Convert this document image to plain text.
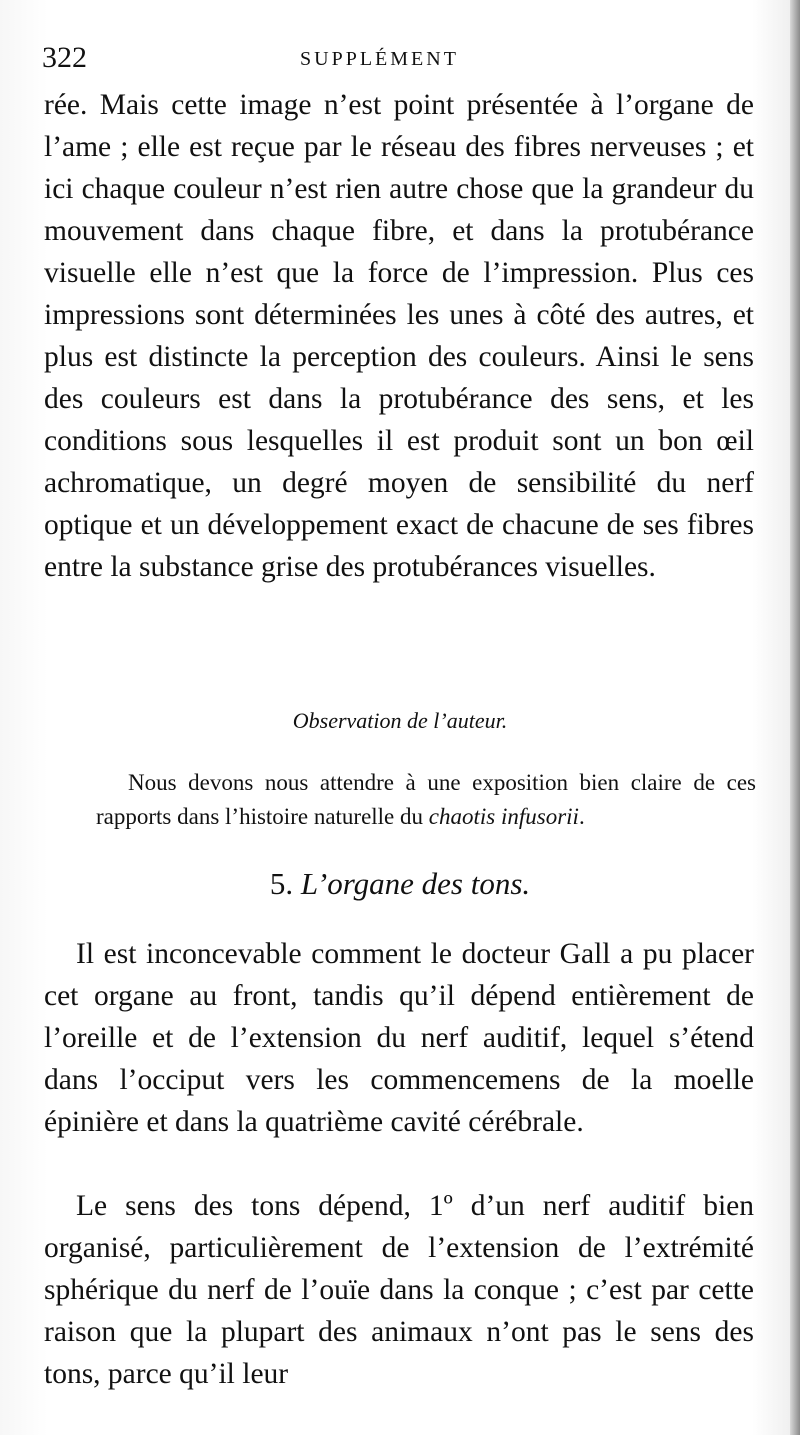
322	SUPPLÉMENT

rée. Mais cette image n’est point présentée à l’organe de l’ame ; elle est reçue par le réseau des fibres nerveuses ; et ici chaque couleur n’est rien autre chose que la grandeur du mouvement dans chaque fibre, et dans la protubérance visuelle elle n’est que la force de l’impression. Plus ces impressions sont déterminées les unes à côté des autres, et plus est distincte la perception des couleurs. Ainsi le sens des couleurs est dans la protubérance des sens, et les conditions sous lesquelles il est produit sont un bon œil achromatique, un degré moyen de sensibilité du nerf optique et un développement exact de chacune de ses fibres entre la substance grise des protubérances visuelles.

Observation de l’auteur.

Nous devons nous attendre à une exposition bien claire de ces rapports dans l’histoire naturelle du chaotis infusorii.

5. L’organe des tons.

Il est inconcevable comment le docteur Gall a pu placer cet organe au front, tandis qu’il dépend entièrement de l’oreille et de l’extension du nerf auditif, lequel s’étend dans l’occiput vers les commencemens de la moelle épinière et dans la quatrième cavité cérébrale.

Le sens des tons dépend, 1º d’un nerf auditif bien organisé, particulièrement de l’extension de l’extrémité sphérique du nerf de l’ouïe dans la conque ; c’est par cette raison que la plupart des animaux n’ont pas le sens des tons, parce qu’il leur
